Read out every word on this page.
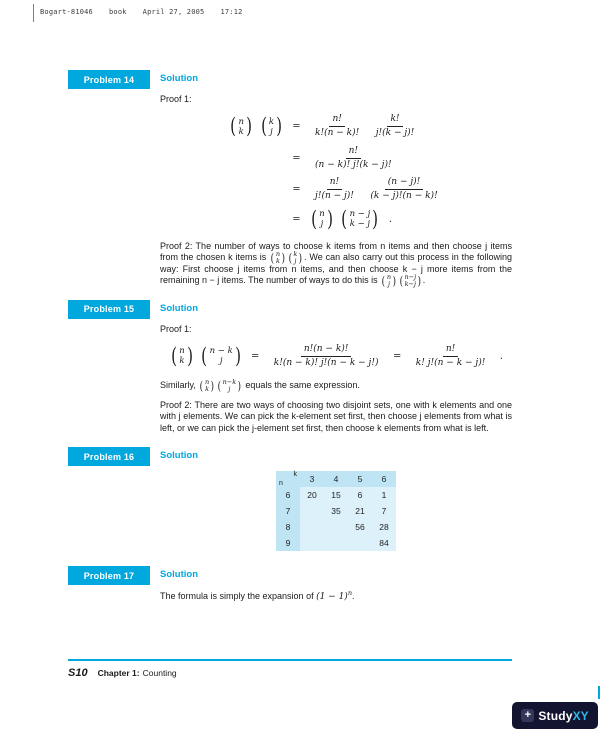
Bogart-81046 book April 27, 2005 17:12
Problem 14	Solution
Proof 1:
( n
k )
( k
j )	= $\frac{n!}{k!(n - k)!}$
$\frac{k!}{j!(k - j)!}$

	= $\frac{n!}{(n - k)! j!(k - j)!}$

	= $\frac{n!}{j!(n - j)!}$
$\frac{(n - j)!}{(k - j)!(n - k)!}$

	= ( n
j )
( n − j
k − j ) .

Proof 2: The number of ways to choose k items from n items and then choose j items from the chosen k items is ( n
k ) ( k
j ) . We can also carry out this process in the following way: First choose j items from n items, and then choose k − j more items from the remaining n − j items. The number of ways to do this is ( n
j ) ( n−j
k−j ) .

Problem 15	Solution
Proof 1:
( n
k )
( n − k
j )	= $\frac{n!(n - k)!}{k!(n - k)! j!(n - k - j!)} = \frac{n!}{k! j!(n - k - j)!}$ .

Similarly, ( n
k ) ( n−k
j ) equals the same expression.

Proof 2: There are two ways of choosing two disjoint sets, one with k elements and one with j elements. We can pick the k-element set first, then choose j elements from what is left, or we can pick the j-element set first, then choose k elements from what is left.

Problem 16	Solution
k
n	3	4	5	6
6	20	15	6	1
7		35	21	7
8			56	28
9				84
Problem 17	Solution

The formula is simply the expansion of $(1 - 1)^n$.

S10 Chapter 1: Counting
+ StudyXY
